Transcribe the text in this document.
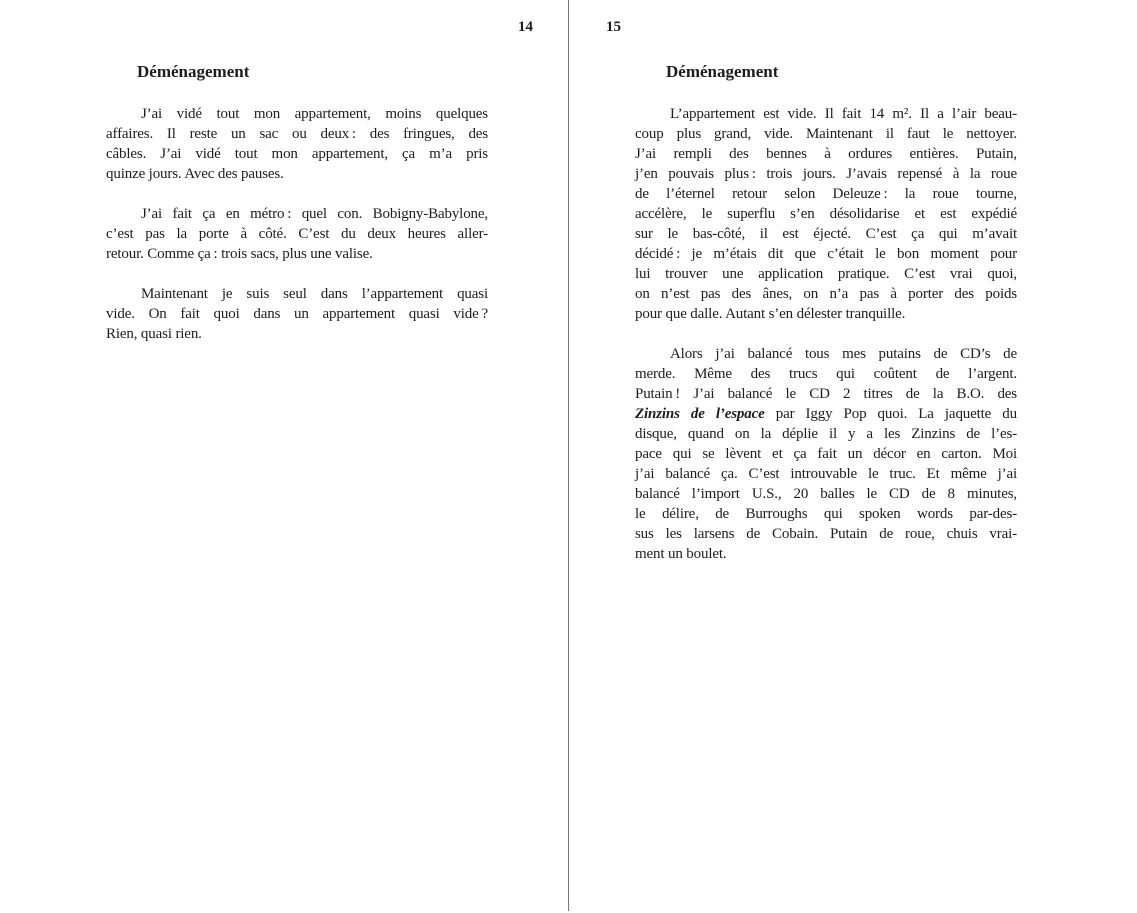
14	15
Déménagement

J’ai vidé tout mon appartement, moins quelques
affaires. Il reste un sac ou deux : des fringues, des
câbles. J’ai vidé tout mon appartement, ça m’a pris
quinze jours. Avec des pauses.

J’ai fait ça en métro : quel con. Bobigny-Babylone,
c’est pas la porte à côté. C’est du deux heures aller-
retour. Comme ça : trois sacs, plus une valise.

Maintenant je suis seul dans l’appartement quasi
vide. On fait quoi dans un appartement quasi vide ?
Rien, quasi rien.

Déménagement

L’appartement est vide. Il fait 14 m². Il a l’air beau-
coup plus grand, vide. Maintenant il faut le nettoyer.
J’ai rempli des bennes à ordures entières. Putain,
j’en pouvais plus : trois jours. J’avais repensé à la roue
de l’éternel retour selon Deleuze : la roue tourne,
accélère, le superflu s’en désolidarise et est expédié
sur le bas-côté, il est éjecté. C’est ça qui m’avait
décidé : je m’étais dit que c’était le bon moment pour
lui trouver une application pratique. C’est vrai quoi,
on n’est pas des ânes, on n’a pas à porter des poids
pour que dalle. Autant s’en délester tranquille.

Alors j’ai balancé tous mes putains de CD’s de
merde. Même des trucs qui coûtent de l’argent.
Putain ! J’ai balancé le CD 2 titres de la B.O. des
Zinzins de l’espace par Iggy Pop quoi. La jaquette du
disque, quand on la déplie il y a les Zinzins de l’es-
pace qui se lèvent et ça fait un décor en carton. Moi
j’ai balancé ça. C’est introuvable le truc. Et même j’ai
balancé l’import U.S., 20 balles le CD de 8 minutes,
le délire, de Burroughs qui spoken words par-des-
sus les larsens de Cobain. Putain de roue, chuis vrai-
ment un boulet.
